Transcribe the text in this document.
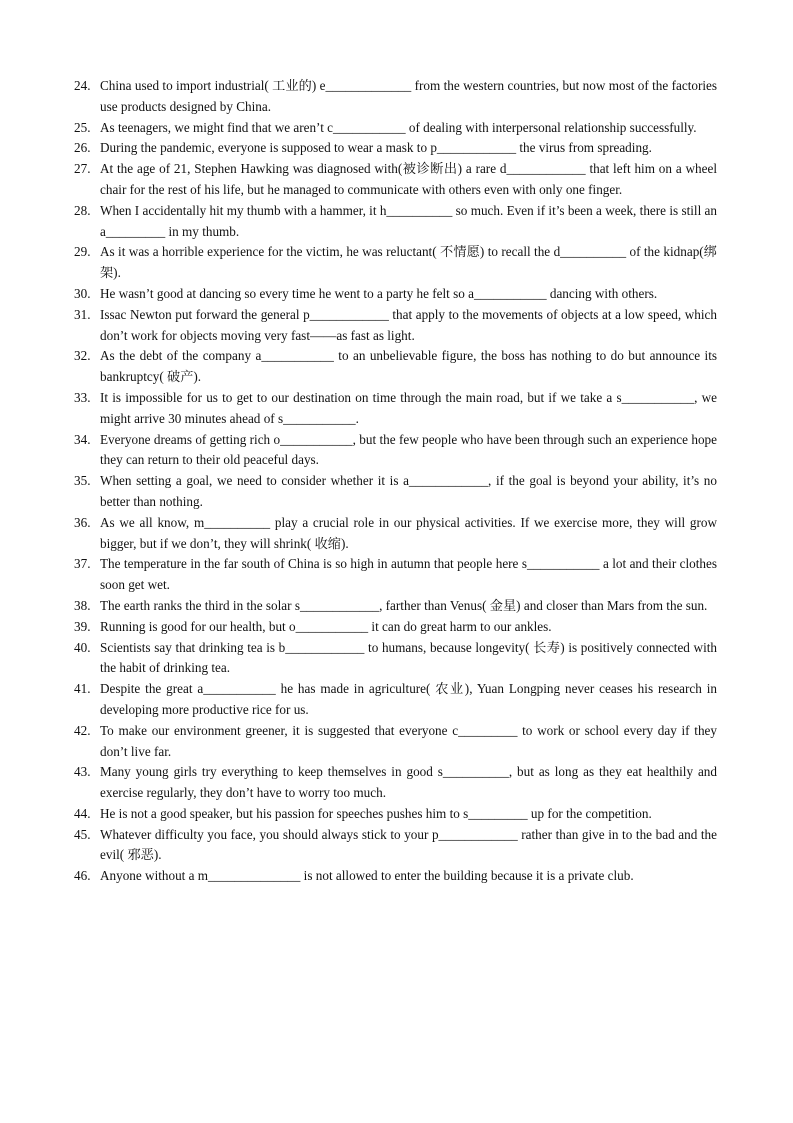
24. China used to import industrial( 工业的) e_____________ from the western countries, but now most of the factories use products designed by China.
25. As teenagers, we might find that we aren’t c___________ of dealing with interpersonal relationship successfully.
26. During the pandemic, everyone is supposed to wear a mask to p____________ the virus from spreading.
27. At the age of 21, Stephen Hawking was diagnosed with(被诊断出) a rare d____________ that left him on a wheel chair for the rest of his life, but he managed to communicate with others even with only one finger.
28. When I accidentally hit my thumb with a hammer, it h__________ so much. Even if it’s been a week, there is still an a_________ in my thumb.
29. As it was a horrible experience for the victim, he was reluctant( 不情愿) to recall the d__________ of the kidnap(绑架).
30. He wasn’t good at dancing so every time he went to a party he felt so a___________ dancing with others.
31. Issac Newton put forward the general p____________ that apply to the movements of objects at a low speed, which don’t work for objects moving very fast——as fast as light.
32. As the debt of the company a___________ to an unbelievable figure, the boss has nothing to do but announce its bankruptcy( 破产).
33. It is impossible for us to get to our destination on time through the main road, but if we take a s___________, we might arrive 30 minutes ahead of s___________.
34. Everyone dreams of getting rich o___________, but the few people who have been through such an experience hope they can return to their old peaceful days.
35. When setting a goal, we need to consider whether it is a____________, if the goal is beyond your ability, it’s no better than nothing.
36. As we all know, m__________ play a crucial role in our physical activities. If we exercise more, they will grow bigger, but if we don’t, they will shrink( 收缩).
37. The temperature in the far south of China is so high in autumn that people here s___________ a lot and their clothes soon get wet.
38. The earth ranks the third in the solar s____________, farther than Venus( 金星) and closer than Mars from the sun.
39. Running is good for our health, but o___________ it can do great harm to our ankles.
40. Scientists say that drinking tea is b____________ to humans, because longevity( 长寿) is positively connected with the habit of drinking tea.
41. Despite the great a___________ he has made in agriculture( 农业), Yuan Longping never ceases his research in developing more productive rice for us.
42. To make our environment greener, it is suggested that everyone c_________ to work or school every day if they don’t live far.
43. Many young girls try everything to keep themselves in good s__________, but as long as they eat healthily and exercise regularly, they don’t have to worry too much.
44. He is not a good speaker, but his passion for speeches pushes him to s_________ up for the competition.
45. Whatever difficulty you face, you should always stick to your p____________ rather than give in to the bad and the evil( 邪恶).
46. Anyone without a m______________ is not allowed to enter the building because it is a private club.
